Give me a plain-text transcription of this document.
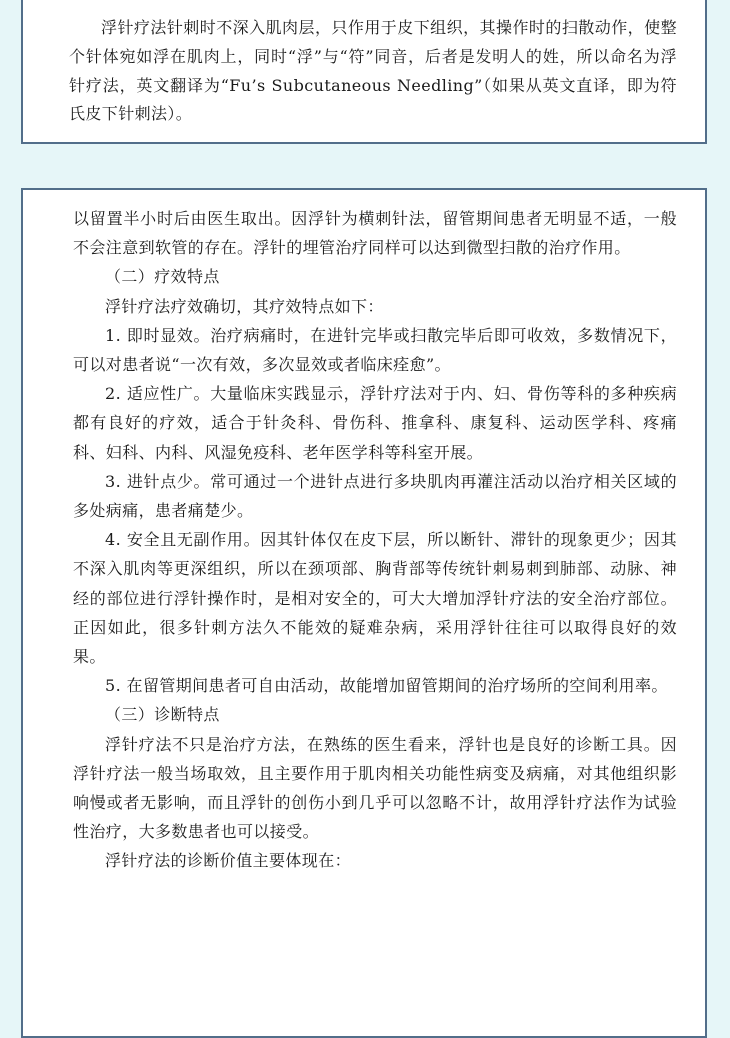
浮针疗法针刺时不深入肌肉层，只作用于皮下组织，其操作时的扫散动作，使整个针体宛如浮在肌肉上，同时“浮”与“符”同音，后者是发明人的姓，所以命名为浮针疗法，英文翻译为“Fu’s Subcutaneous Needling”（如果从英文直译，即为符氏皮下针刺法）。

以留置半小时后由医生取出。因浮针为横刺针法，留管期间患者无明显不适，一般不会注意到软管的存在。浮针的埋管治疗同样可以达到微型扫散的治疗作用。

（二）疗效特点

浮针疗法疗效确切，其疗效特点如下：

1. 即时显效。治疗病痛时，在进针完毕或扫散完毕后即可收效，多数情况下，可以对患者说“一次有效，多次显效或者临床痊愈”。

2. 适应性广。大量临床实践显示，浮针疗法对于内、妇、骨伤等科的多种疾病都有良好的疗效，适合于针灸科、骨伤科、推拿科、康复科、运动医学科、疼痛科、妇科、内科、风湿免疫科、老年医学科等科室开展。

3. 进针点少。常可通过一个进针点进行多块肌肉再灌注活动以治疗相关区域的多处病痛，患者痛楚少。

4. 安全且无副作用。因其针体仅在皮下层，所以断针、滞针的现象更少；因其不深入肌肉等更深组织，所以在颈项部、胸背部等传统针刺易刺到肺部、动脉、神经的部位进行浮针操作时，是相对安全的，可大大增加浮针疗法的安全治疗部位。正因如此，很多针刺方法久不能效的疑难杂病，采用浮针往往可以取得良好的效果。

5. 在留管期间患者可自由活动，故能增加留管期间的治疗场所的空间利用率。

（三）诊断特点

浮针疗法不只是治疗方法，在熟练的医生看来，浮针也是良好的诊断工具。因浮针疗法一般当场取效，且主要作用于肌肉相关功能性病变及病痛，对其他组织影响慢或者无影响，而且浮针的创伤小到几乎可以忽略不计，故用浮针疗法作为试验性治疗，大多数患者也可以接受。

浮针疗法的诊断价值主要体现在：
